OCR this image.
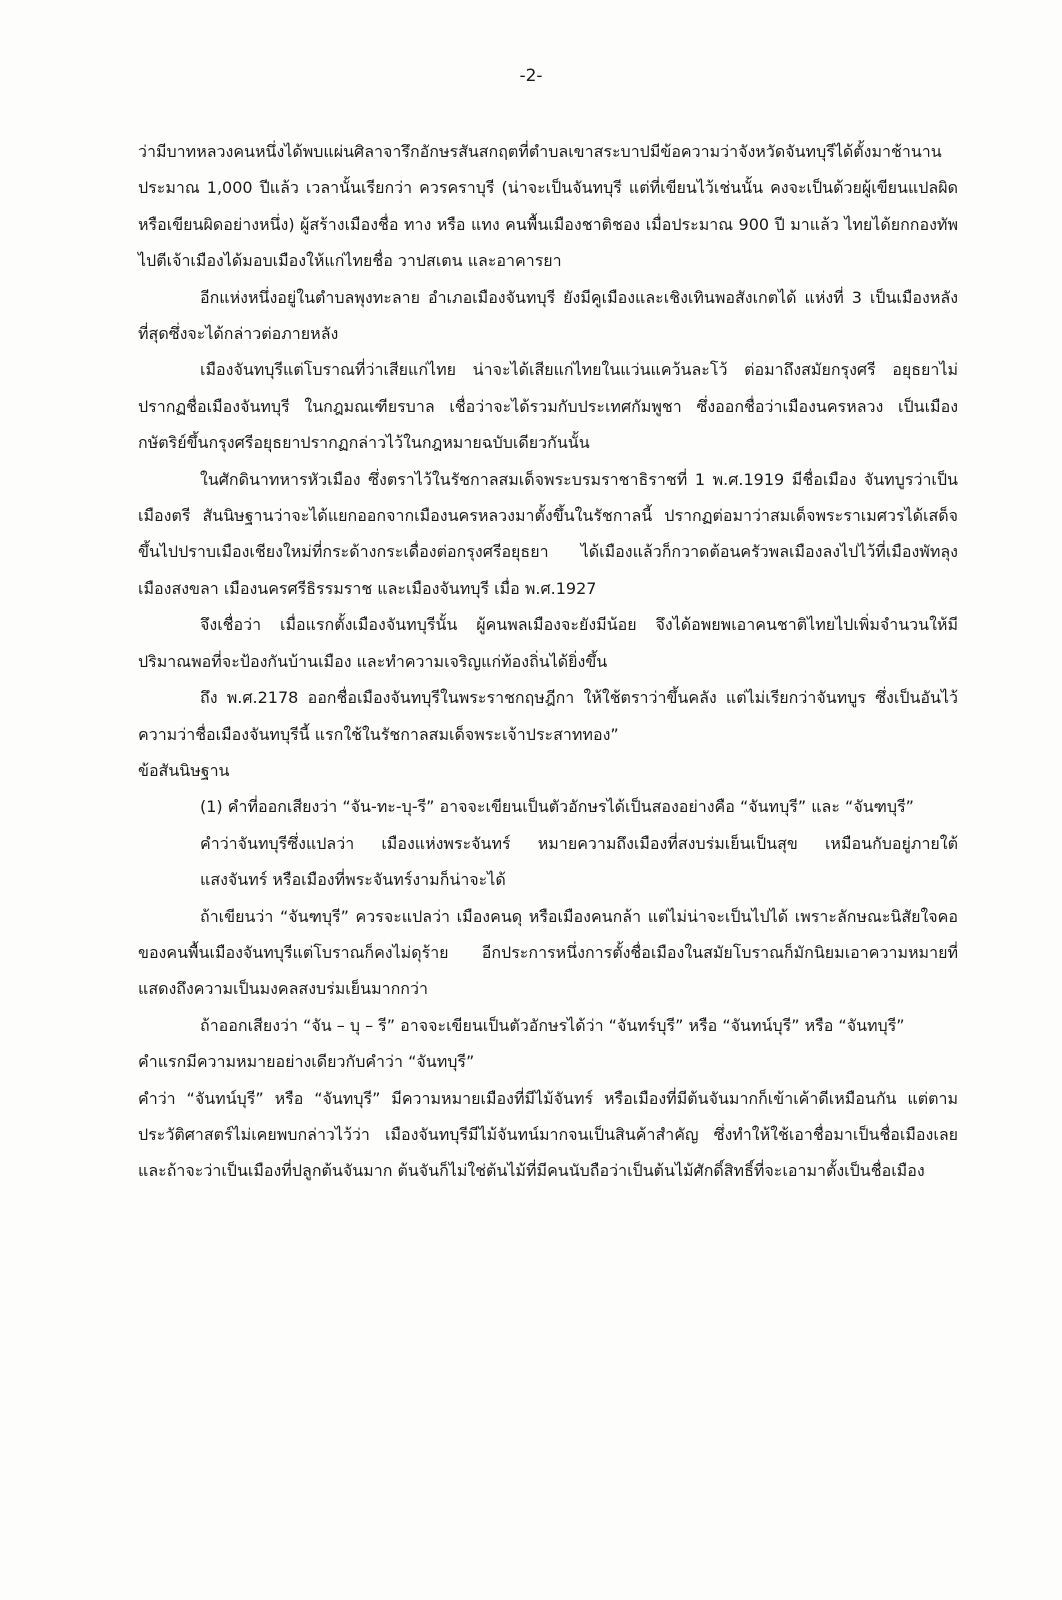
-2-

ว่ามีบาทหลวงคนหนึ่งได้พบแผ่นศิลาจารึกอักษรสันสกฤตที่ตำบลเขาสระบาปมีข้อความว่าจังหวัดจันทบุรีได้ตั้งมาช้านานประมาณ 1,000 ปีแล้ว เวลานั้นเรียกว่า ควรคราบุรี (น่าจะเป็นจันทบุรี แต่ที่เขียนไว้เช่นนั้น คงจะเป็นด้วยผู้เขียนแปลผิด หรือเขียนผิดอย่างหนึ่ง) ผู้สร้างเมืองชื่อ ทาง หรือ แทง คนพื้นเมืองชาติชอง เมื่อประมาณ 900 ปี มาแล้ว ไทยได้ยกกองทัพไปตีเจ้าเมืองได้มอบเมืองให้แก่ไทยชื่อ วาปสเตน และอาคารยา

อีกแห่งหนึ่งอยู่ในตำบลพุงทะลาย อำเภอเมืองจันทบุรี ยังมีคูเมืองและเชิงเทินพอสังเกตได้ แห่งที่ 3 เป็นเมืองหลังที่สุดซึ่งจะได้กล่าวต่อภายหลัง

เมืองจันทบุรีแต่โบราณที่ว่าเสียแก่ไทย น่าจะได้เสียแก่ไทยในแว่นแคว้นละโว้ ต่อมาถึงสมัยกรุงศรี อยุธยาไม่ปรากฏชื่อเมืองจันทบุรี ในกฎมณเฑียรบาล เชื่อว่าจะได้รวมกับประเทศกัมพูชา ซึ่งออกชื่อว่าเมืองนครหลวง เป็นเมืองกษัตริย์ขึ้นกรุงศรีอยุธยาปรากฏกล่าวไว้ในกฎหมายฉบับเดียวกันนั้น

ในศักดินาทหารหัวเมือง ซึ่งตราไว้ในรัชกาลสมเด็จพระบรมราชาธิราชที่ 1 พ.ศ.1919 มีชื่อเมือง จันทบูรว่าเป็นเมืองตรี สันนิษฐานว่าจะได้แยกออกจากเมืองนครหลวงมาตั้งขึ้นในรัชกาลนี้ ปรากฏต่อมาว่าสมเด็จพระราเมศวรได้เสด็จขึ้นไปปราบเมืองเชียงใหม่ที่กระด้างกระเดื่องต่อกรุงศรีอยุธยา ได้เมืองแล้วก็กวาดต้อนครัวพลเมืองลงไปไว้ที่เมืองพัทลุง เมืองสงขลา เมืองนครศรีธิรรมราช และเมืองจันทบุรี เมื่อ พ.ศ.1927

จึงเชื่อว่า เมื่อแรกตั้งเมืองจันทบุรีนั้น ผู้คนพลเมืองจะยังมีน้อย จึงได้อพยพเอาคนชาติไทยไปเพิ่มจำนวนให้มีปริมาณพอที่จะป้องกันบ้านเมือง และทำความเจริญแก่ท้องถิ่นได้ยิ่งขึ้น

ถึง พ.ศ.2178 ออกชื่อเมืองจันทบุรีในพระราชกฤษฎีกา ให้ใช้ตราว่าขึ้นคลัง แต่ไม่เรียกว่าจันทบูร ซึ่งเป็นอันไว้ความว่าชื่อเมืองจันทบุรีนี้ แรกใช้ในรัชกาลสมเด็จพระเจ้าประสาททอง”

ข้อสันนิษฐาน

(1) คำที่ออกเสียงว่า “จัน-ทะ-บุ-รี” อาจจะเขียนเป็นตัวอักษรได้เป็นสองอย่างคือ “จันทบุรี” และ “จันฑบุรี”

คำว่าจันทบุรีซึ่งแปลว่า เมืองแห่งพระจันทร์ หมายความถึงเมืองที่สงบร่มเย็นเป็นสุข เหมือนกับอยู่ภายใต้แสงจันทร์ หรือเมืองที่พระจันทร์งามก็น่าจะได้

ถ้าเขียนว่า “จันฑบุรี” ควรจะแปลว่า เมืองคนดุ หรือเมืองคนกล้า แต่ไม่น่าจะเป็นไปได้ เพราะลักษณะนิสัยใจคอของคนพื้นเมืองจันทบุรีแต่โบราณก็คงไม่ดุร้าย อีกประการหนึ่งการตั้งชื่อเมืองในสมัยโบราณก็มักนิยมเอาความหมายที่แสดงถึงความเป็นมงคลสงบร่มเย็นมากกว่า

ถ้าออกเสียงว่า “จัน – บุ – รี” อาจจะเขียนเป็นตัวอักษรได้ว่า “จันทร์บุรี” หรือ “จันทน์บุรี” หรือ “จันทบุรี”

คำแรกมีความหมายอย่างเดียวกับคำว่า “จันทบุรี”

คำว่า “จันทน์บุรี” หรือ “จันทบุรี” มีความหมายเมืองที่มีไม้จันทร์ หรือเมืองที่มีต้นจันมากก็เข้าเค้าดีเหมือนกัน แต่ตามประวัติศาสตร์ไม่เคยพบกล่าวไว้ว่า เมืองจันทบุรีมีไม้จันทน์มากจนเป็นสินค้าสำคัญ ซึ่งทำให้ใช้เอาชื่อมาเป็นชื่อเมืองเลย และถ้าจะว่าเป็นเมืองที่ปลูกต้นจันมาก ต้นจันก็ไม่ใช่ต้นไม้ที่มีคนนับถือว่าเป็นต้นไม้ศักดิ์สิทธิ์ที่จะเอามาตั้งเป็นชื่อเมือง
